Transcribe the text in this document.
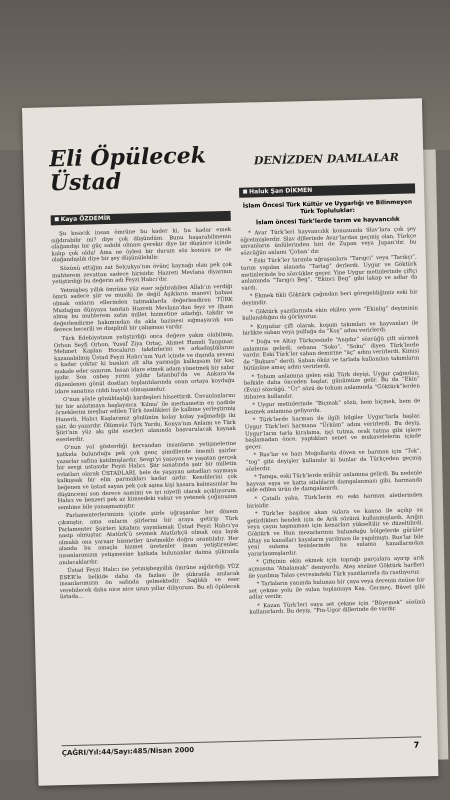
Eli Öpülecek
Üstad
Kaya ÖZDEMİR

Şu kısacık insan ömrüne bu kader ki, bu kadar emek sığdırabilir mi? diye çok düşündüm. Bunu başarabilmenin olağandışı bir güç sahibi olması gerekir diye bir düşünce içinde kalıp çok oldu! Ama ne öylesi bir durum söz konusu ne de olağandışılık diye bir şey düşünülebilir.

Sözünü ettiğim zat Selçukya’nın övünç kaynağı olan pek çok muhterem zevattan sadece birisidir. Hazreti Mevlana diyarının yetiştirdiği bu değerin adı Feyzi Halıcı’dır.

Yetmişbeş yıllık ömrüne yüz eser sığdırabilen Allah’ın verdiği ömrü sadece şiir ve musiki ile değil Aşıkların manevi babası olmak onların ellerinden tutmaklarda değerlendiren TÜRK Muzluğun dünyaya tanıtan Hazreti Mevlana’dan feyz ve ilham almış bu muhterem zatın millet hizmetine adadığı, takdir ve değerlendirme bakımından da akla hazinesi sığmayacak son derece becerili ve disiplinli bir çalışması vardır.

Türk Edebiyatının yetiştirdiği onca değere yakın olabilmiş, Orhon Seyfi Orhon, Yusuf Ziya Ortaç, Ahmet Hamdi Tanpınar, Mehmet Kaplan Hocaların takdirlerini ve arkadaşlıklarını kazanabilmiş Üstad Feyzi Halıcı’nın Yurt içinde ve dışında seveni o kadar çoktur ki bunları alt alta yazmağa kalkışsam bir kaç makale eder sanırım. İnsan idare etmek adam yönetmek bir sabır işidir. Son onbeş yırmı yıldır İstanbul’da ve Ankara’da düzenlenen gönül dostları toplantılarında onun ortaya koyduğu idare sanatına ciddi huyrat olmuşumdur.

O’nun şöyle gönüldaşlığı kardeşleri hissettirdi. Ünvanlanlarını bir bir anlatmaya başlayınca ‘Kılma’ ile merhametin en nadide örneklerini meşhur edilen Türk özellikleri ile kalbine yerleştirmiş Hunerli, Halıcı Kaşlarımız gönlünün kolay kolay yağmadığı iki şair, iki yazardır. Ölümsüz Türk Yurdu, Konya’nın Anlamı ve Türk Şiiri’nin yüz akı gibi eserleri alanında başvurulacak kaynak eserlerdir.

O’nun yol gösterdiği kervandan insanların yetişmelerine katkıda bulunduğu pek çok genç şimdilerde önemli şairler yazarlar safına katılmışlardır. Sevgi’yi yaşayan ve yaşatan gerçek bir sevgi ustasıdır Feyzi Halıcı. Şiir sanatında şair bir milletin evlatları olarak ÜSTADLARI, hele de yaşayan ustadları saymaya kalkışsak bir elin parmakları kadar azdır. Kendilerini çok beğenen ve üstad sayan pek çok aşina kişi kasara kalmasınlar bu düşüncemi son derece samimi ve iyi niyetli olarak açıklıyorum. Halıcı ve benzeri pek az kimsedeki vakur ve yetenek çoğunuzun sembine bile yanaşmamıştır.

Parlamenterlerimizin içinde şiirle uğraşanlar her dönem çıkmıştır, ama onların şiirlerini bir araya getirip Türk Parlamenter Şairleri kitabını yayınlamak Üstad Feyzi Halıcı’ya nasip olmuştur. Atatürk’ü sevmek Atatürkçü olmak ona layık olmaklı ona yaraşır bizmetler üretmekle doğru orantılıdır. Her alanda bu amaçla hizmet üretenler insan yetiştirenler, insanlarımızın yetişmesine katkıda bulunanlar daima şükranla anılacaklardır.

Üstad Feyzi Halıcı ise yetmişbeşyıllık ömrüne sığdırdığı YÜZ ESER’le belkide daha da fazlası ile şükranla anılacak insanlarımızın ön safında gelmektedir. Sağlıklı ve eser verebilecek daha nice nice uzun yıllar diliyorum. Bu eli öpülecek üstada...

DENİZDEN DAMLALAR
Haluk Şan DİKMEN
İslam Öncesi Türk Kültür ve Uygarlığı ve Bilinmeyen Türk Topluluklar:
İslam öncesi Türk’lerde tarım ve hayvancılık

* Avar Türk’leri hayvancılık konusunda Slav’lara çok şey öğretmişlerdir. Slav dillerinde Avar’lardan geçmiş olan, Türkçe unvanların ünlülerinden biri de Zupan veya Jupan’dır. bu sözcüğün anlamı ‘Çoban’ dır.

* Eski Türk’ler tarımla uğraşanlara “Tarıgcı” veya “Tarıkçı”, tarım yapılan alanada “Tarlag” derlerdi. Uygur ve Göktürk metinlerinde bu sözcükler geçer. Yine Uygur metinlerinde çiftçi anlamında “Tarıgcı Beg”, “Ekinci Beg” gibi lakap ve adlar da vardı.

* Ekmek fikli Göktürk çağından beri göregeldiğimiz eski bir deyimdir.

* Göktürk yazıtlarında ekin ekilen yere “Ekinlig” deyiminin kullanıldığını da görüyoruz.

* Kırgızlar çift olarak, koşum takımları ve hayvanları ile birlikte saban veya pulluğa da “Koş” adını verirlerdi.

* Doğu ve Altay Türkçesinde “Angdız” sözcüğü çift sürmek anlamına gelirdi. sebana “Soko”, “Soku” diyen Türk’lerde vardır. Eski Türk’ler saban demirine “üç” adını verirlerdi. Kimisi de “Bukuro” derdi. Saban öküz ve tarlada kullanılan takımların bütününe amaç adını verirlerdi.

* Tohum anlamına gelen eski Türk deyişi, Uygur çağından, belkide daha önceden başlar, günümüze gelir. Bu da “Ekin” (Evin) sözcüğü. “Ür” sözü de tohum anlamında “Göktürk”lerden itibaren kullanılır.

* Uygur metinlerinde “Biçmak” sözü, hem biçmek, hem de kesmek anlamına geliyordu.

* Türk’lerde harman ile ilgili bilgiler Uygur’larla başlar. Uygur Türk’leri harmana “Ürküm” adını verirlerdi. Bu deyiş, Uygur’ların tarla kiralama, işçi tutma, orak tutma gibi işlere başlamadan önce, yaptıkları senet ve mukavelelerin içinde geçer.

* Rus’lar ve bazı Moğollarda döven ve harman için “Tok”, “tog” gibi deyişler kullanılır ki bunlar da Türkçeden geçmiş sözlerdir.

* Tamga, eski Türk’lerde mühür anlamına gelirdi. Bu nedenle hayvan eşya ve hatta silahların damgalanması gibi, harmanda elde edilen ürün de damgalanırdı.

* Çatallı yaba, Türk’lerin en eski harman aletlerinden birisidir.

* Türk’ler başıboş akan sulara ve kanna ile açılıp su getirdikleri hendek için de Arık sözünü kullanmışlardı. Arığın veya çayın taşmaması için kenarları yükseltilir ve düzeltilirdi. Göktürk ve Hun mezarlarının bulunduğu bölgelerde gürüler Altay su kanalları kayaların yarılması ile yapılmıştı. Rus’lar bile yeni sulama tesislerinde bu sulama kanallarından yararlanmışlardır.

* Çiftçinin ekin ekmek için toprağı parçalara ayırıp arık açmasına “Atıalamak” deniyordu. Ateş sözüne Göktürk harfleri ile yazılmış Talas çevresindeki Türk yazıtlarında da rastlıyoruz.

* Tarlaların yanında bulunan bir çaya veya derenin önüne bir set çekme yolu ile sulan toplamaya Kaş, Germeç, Büvet gibi adlar verilir.

* Kazan Türk’leri suya set çekme için “Büyemek” sözünü kullanırlardı. Bu deyiş, “Fin-Ugor dillerinde de vardır.

ÇAĞRI/Yıl:44/Sayı:485/Nisan 2000
7
